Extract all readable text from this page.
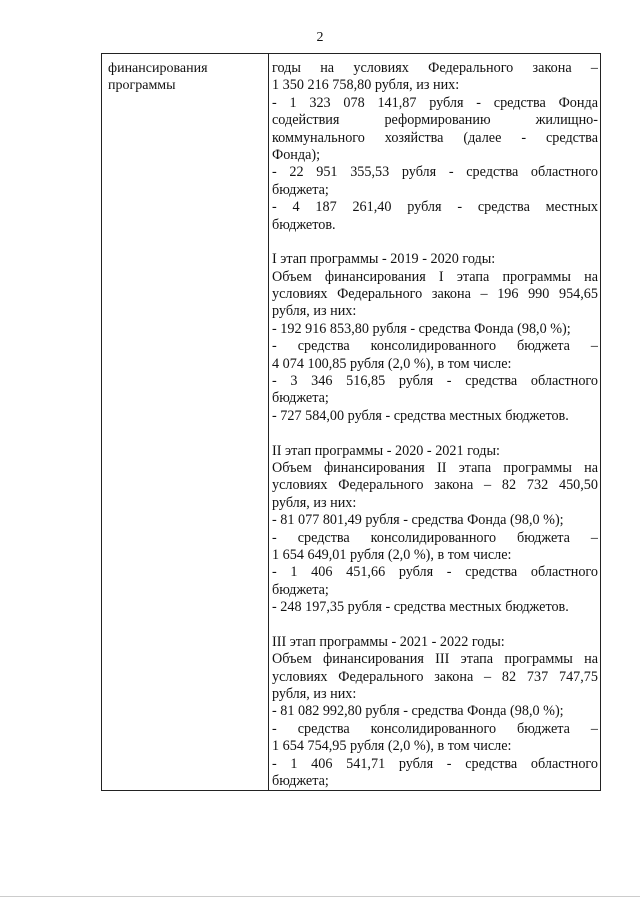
2
финансирования
программы
годы на условиях Федерального закона –
1 350 216 758,80 рубля, из них:
- 1 323 078 141,87 рубля - средства Фонда
содействия реформированию жилищно-
коммунального хозяйства (далее - средства
Фонда);
- 22 951 355,53 рубля - средства областного
бюджета;
- 4 187 261,40 рубля - средства местных
бюджетов.
I этап программы - 2019 - 2020 годы:
Объем финансирования I этапа программы на
условиях Федерального закона – 196 990 954,65
рубля, из них:
- 192 916 853,80 рубля - средства Фонда (98,0 %);
- средства консолидированного бюджета –
4 074 100,85 рубля (2,0 %), в том числе:
- 3 346 516,85 рубля - средства областного
бюджета;
- 727 584,00 рубля - средства местных бюджетов.
II этап программы - 2020 - 2021 годы:
Объем финансирования II этапа программы на
условиях Федерального закона – 82 732 450,50
рубля, из них:
- 81 077 801,49 рубля - средства Фонда (98,0 %);
- средства консолидированного бюджета –
1 654 649,01 рубля (2,0 %), в том числе:
- 1 406 451,66 рубля - средства областного
бюджета;
- 248 197,35 рубля - средства местных бюджетов.
III этап программы - 2021 - 2022 годы:
Объем финансирования III этапа программы на
условиях Федерального закона – 82 737 747,75
рубля, из них:
- 81 082 992,80 рубля - средства Фонда (98,0 %);
- средства консолидированного бюджета –
1 654 754,95 рубля (2,0 %), в том числе:
- 1 406 541,71 рубля - средства областного
бюджета;
